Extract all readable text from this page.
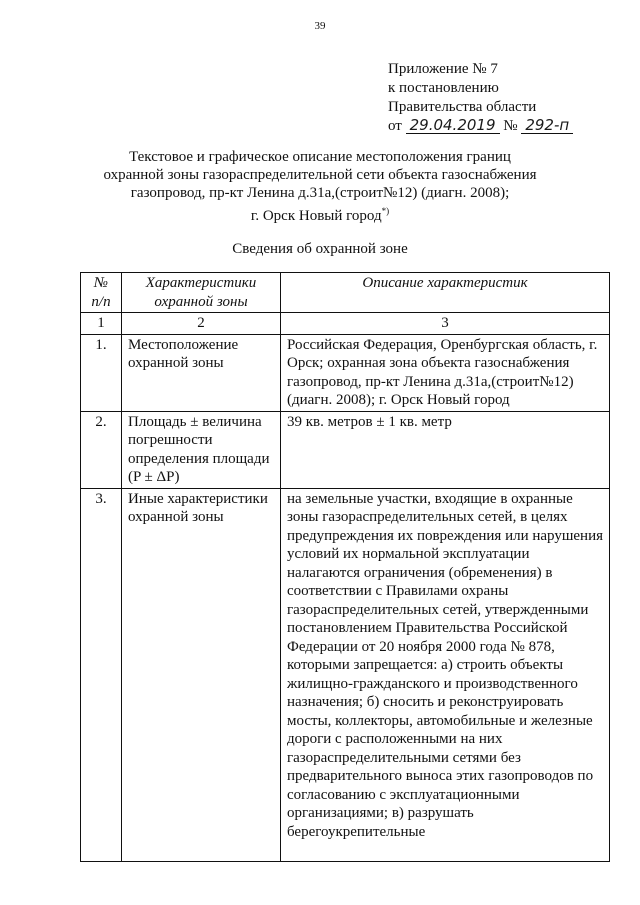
39
Приложение № 7
к постановлению
Правительства области
от 29.04.2019 № 292-п
Текстовое и графическое описание местоположения границ
охранной зоны газораспределительной сети объекта газоснабжения
газопровод, пр-кт Ленина д.31а,(строит№12) (диагн. 2008);
г. Орск Новый город*)
Сведения об охранной зоне
№ п/п	Характеристики охранной зоны	Описание характеристик
1	2	3
1.	Местоположение охранной зоны	Российская Федерация, Оренбургская область, г. Орск; охранная зона объекта газоснабжения газопровод, пр-кт Ленина д.31а,(строит№12) (диагн. 2008); г. Орск Новый город
2.	Площадь ± величина погрешности определения площади (P ± ΔP)	39 кв. метров ± 1 кв. метр
3.	Иные характеристики охранной зоны	на земельные участки, входящие в охранные зоны газораспределительных сетей, в целях предупреждения их повреждения или нарушения условий их нормальной эксплуатации налагаются ограничения (обременения) в соответствии с Правилами охраны газораспределительных сетей, утвержденными постановлением Правительства Российской Федерации от 20 ноября 2000 года № 878, которыми запрещается: а) строить объекты жилищно-гражданского и производственного назначения; б) сносить и реконструировать мосты, коллекторы, автомобильные и железные дороги с расположенными на них газораспределительными сетями без предварительного выноса этих газопроводов по согласованию с эксплуатационными организациями; в) разрушать берегоукрепительные
